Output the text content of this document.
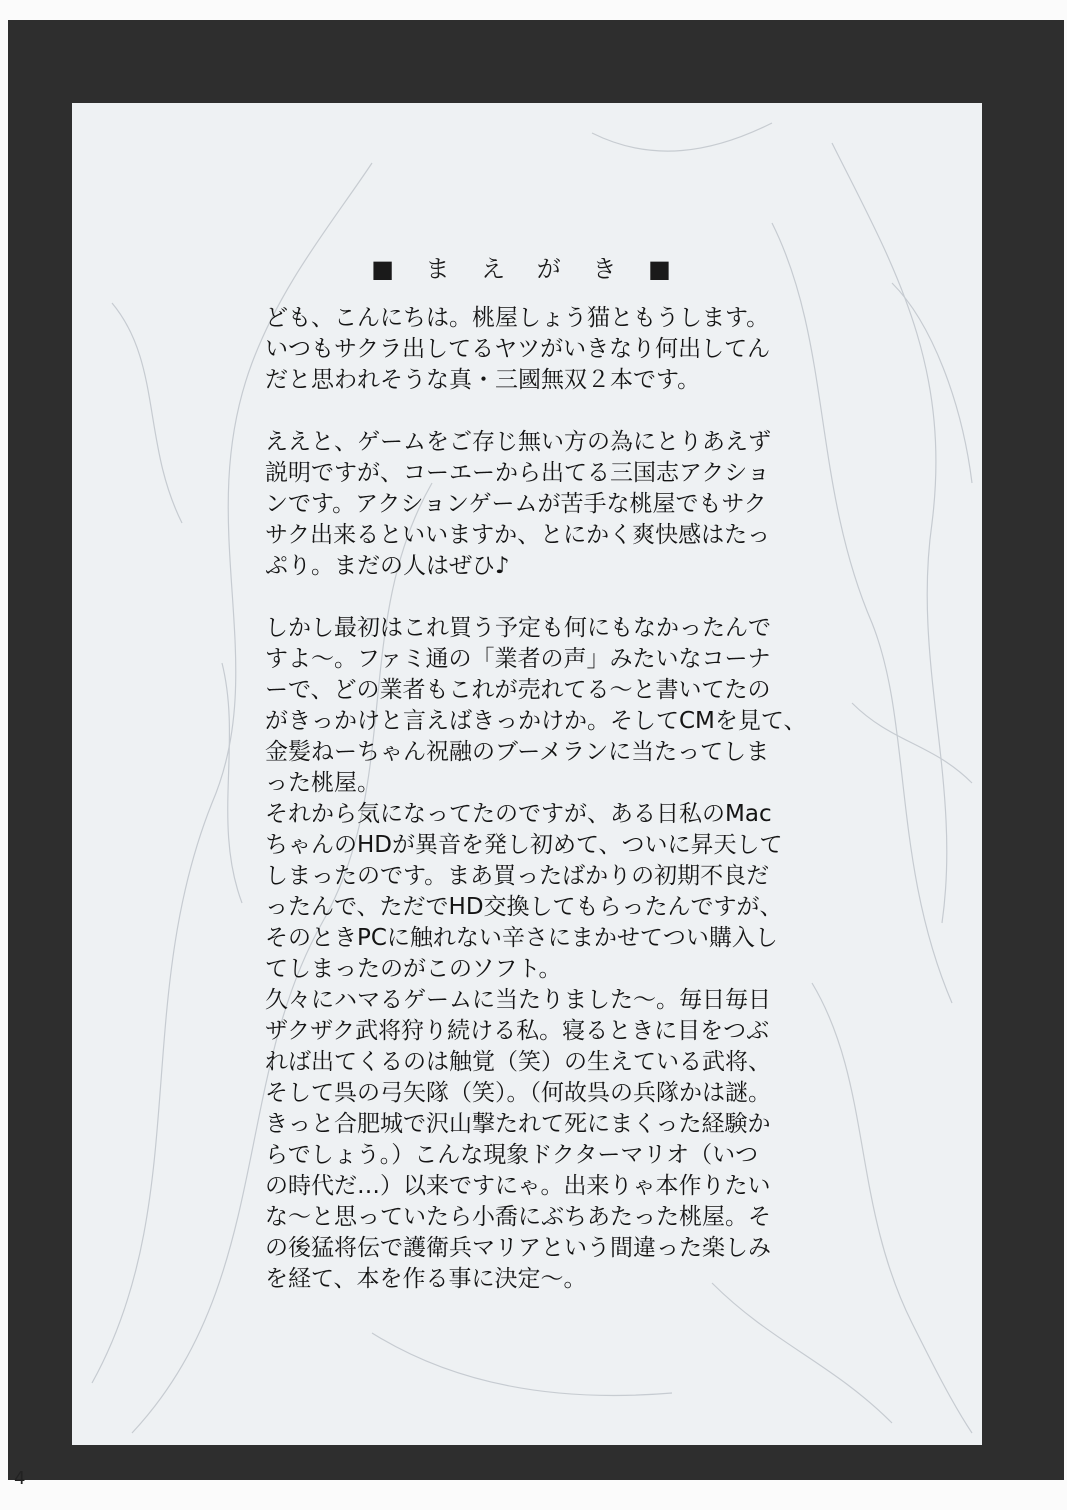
■ ま え が き ■
ども、こんにちは。桃屋しょう猫ともうします。
いつもサクラ出してるヤツがいきなり何出してん
だと思われそうな真・三國無双２本です。
ええと、ゲームをご存じ無い方の為にとりあえず
説明ですが、コーエーから出てる三国志アクショ
ンです。アクションゲームが苦手な桃屋でもサク
サク出来るといいますか、とにかく爽快感はたっ
ぷり。まだの人はぜひ♪
しかし最初はこれ買う予定も何にもなかったんで
すよ～。ファミ通の「業者の声」みたいなコーナ
ーで、どの業者もこれが売れてる～と書いてたの
がきっかけと言えばきっかけか。そしてCMを見て、
金髪ねーちゃん祝融のブーメランに当たってしま
った桃屋。
それから気になってたのですが、ある日私のMac
ちゃんのHDが異音を発し初めて、ついに昇天して
しまったのです。まあ買ったばかりの初期不良だ
ったんで、ただでHD交換してもらったんですが、
そのときPCに触れない辛さにまかせてつい購入し
てしまったのがこのソフト。
久々にハマるゲームに当たりました～。毎日毎日
ザクザク武将狩り続ける私。寝るときに目をつぶ
れば出てくるのは触覚（笑）の生えている武将、
そして呉の弓矢隊（笑）。（何故呉の兵隊かは謎。
きっと合肥城で沢山撃たれて死にまくった経験か
らでしょう。）こんな現象ドクターマリオ（いつ
の時代だ…）以来ですにゃ。出来りゃ本作りたい
な～と思っていたら小喬にぶちあたった桃屋。そ
の後猛将伝で護衛兵マリアという間違った楽しみ
を経て、本を作る事に決定～。
4
